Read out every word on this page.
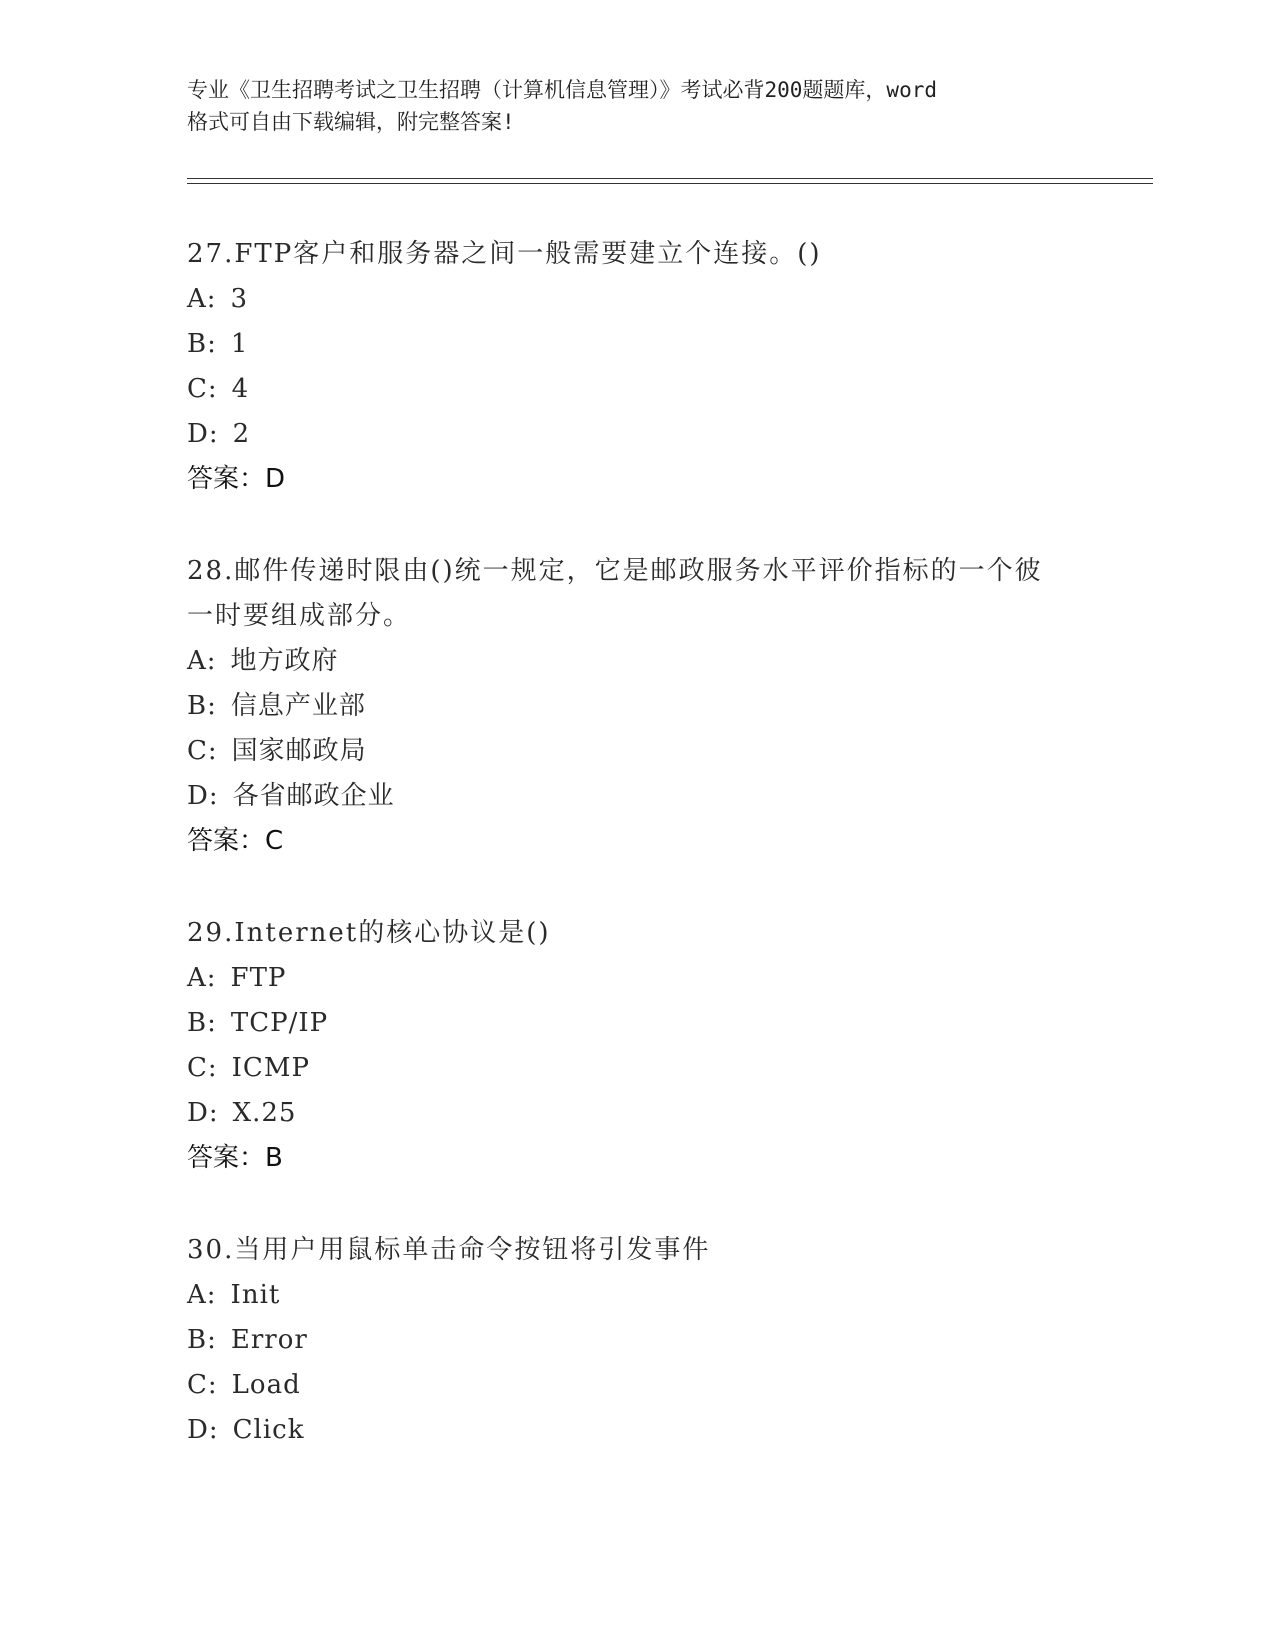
专业《卫生招聘考试之卫生招聘（计算机信息管理）》考试必背200题题库，word
格式可自由下载编辑，附完整答案!
27.FTP客户和服务器之间一般需要建立个连接。()
A: 3
B: 1
C: 4
D: 2
答案：D
28.邮件传递时限由()统一规定，它是邮政服务水平评价指标的一个彼
一时要组成部分。
A: 地方政府
B: 信息产业部
C: 国家邮政局
D: 各省邮政企业
答案：C
29.Internet的核心协议是()
A: FTP
B: TCP/IP
C: ICMP
D: X.25
答案：B
30.当用户用鼠标单击命令按钮将引发事件
A: Init
B: Error
C: Load
D: Click
